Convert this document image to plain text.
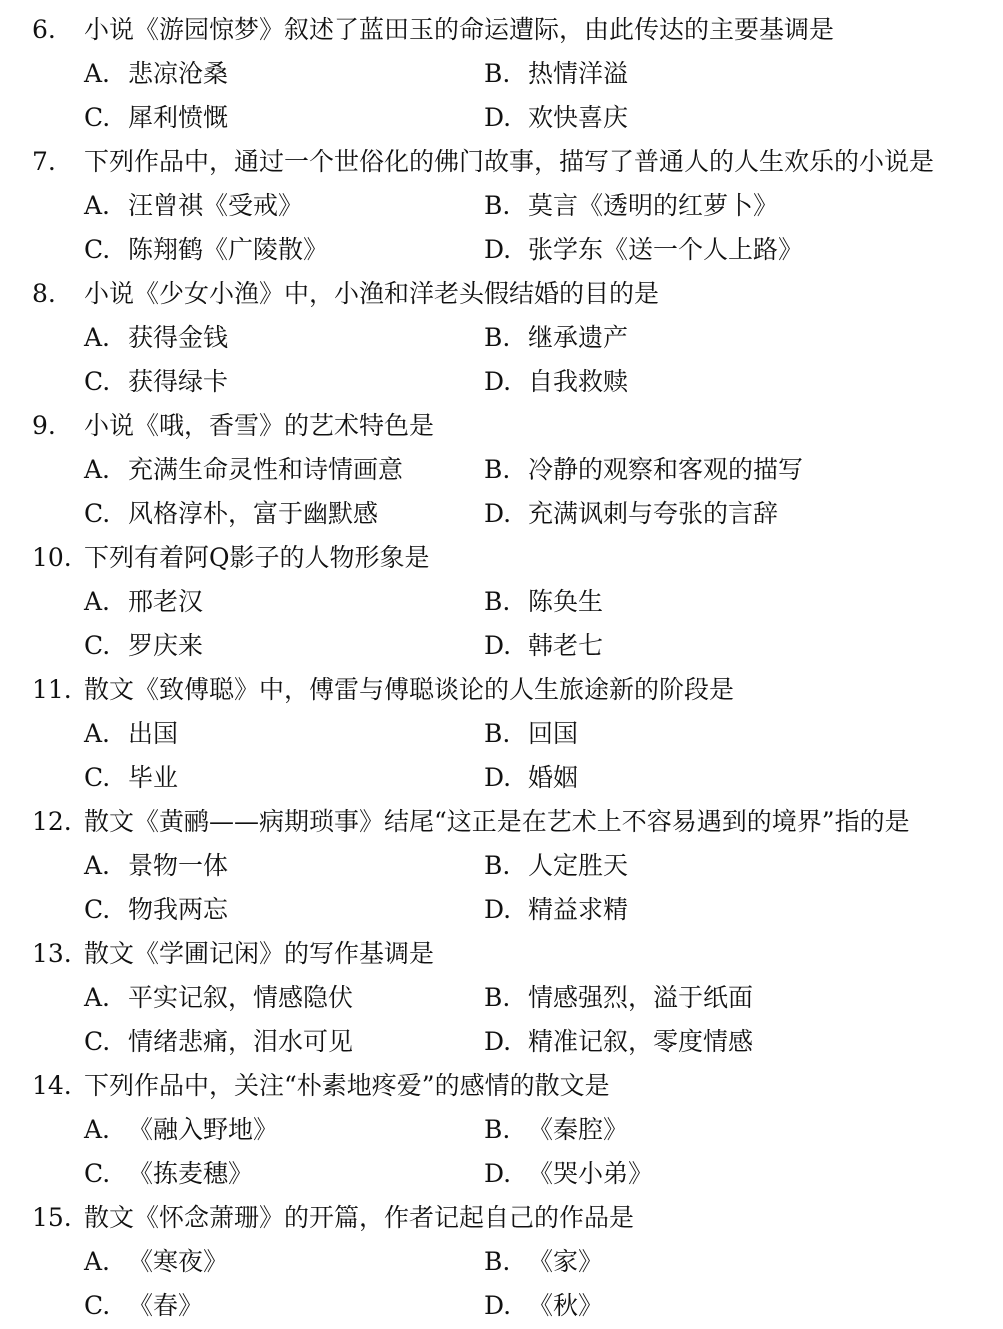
6. 小说《游园惊梦》叙述了蓝田玉的命运遭际，由此传达的主要基调是
A. 悲凉沧桑	B. 热情洋溢
C. 犀利愤慨	D. 欢快喜庆
7. 下列作品中，通过一个世俗化的佛门故事，描写了普通人的人生欢乐的小说是
A. 汪曾祺《受戒》	B. 莫言《透明的红萝卜》
C. 陈翔鹤《广陵散》	D. 张学东《送一个人上路》
8. 小说《少女小渔》中，小渔和洋老头假结婚的目的是
A. 获得金钱	B. 继承遗产
C. 获得绿卡	D. 自我救赎
9. 小说《哦，香雪》的艺术特色是
A. 充满生命灵性和诗情画意	B. 冷静的观察和客观的描写
C. 风格淳朴，富于幽默感	D. 充满讽刺与夸张的言辞
10. 下列有着阿Q影子的人物形象是
A. 邢老汉	B. 陈奂生
C. 罗庆来	D. 韩老七
11. 散文《致傅聪》中，傅雷与傅聪谈论的人生旅途新的阶段是
A. 出国	B. 回国
C. 毕业	D. 婚姻
12. 散文《黄鹂——病期琐事》结尾“这正是在艺术上不容易遇到的境界”指的是
A. 景物一体	B. 人定胜天
C. 物我两忘	D. 精益求精
13. 散文《学圃记闲》的写作基调是
A. 平实记叙，情感隐伏	B. 情感强烈，溢于纸面
C. 情绪悲痛，泪水可见	D. 精准记叙，零度情感
14. 下列作品中，关注“朴素地疼爱”的感情的散文是
A. 《融入野地》	B. 《秦腔》
C. 《拣麦穗》	D. 《哭小弟》
15. 散文《怀念萧珊》的开篇，作者记起自己的作品是
A. 《寒夜》	B. 《家》
C. 《春》	D. 《秋》
